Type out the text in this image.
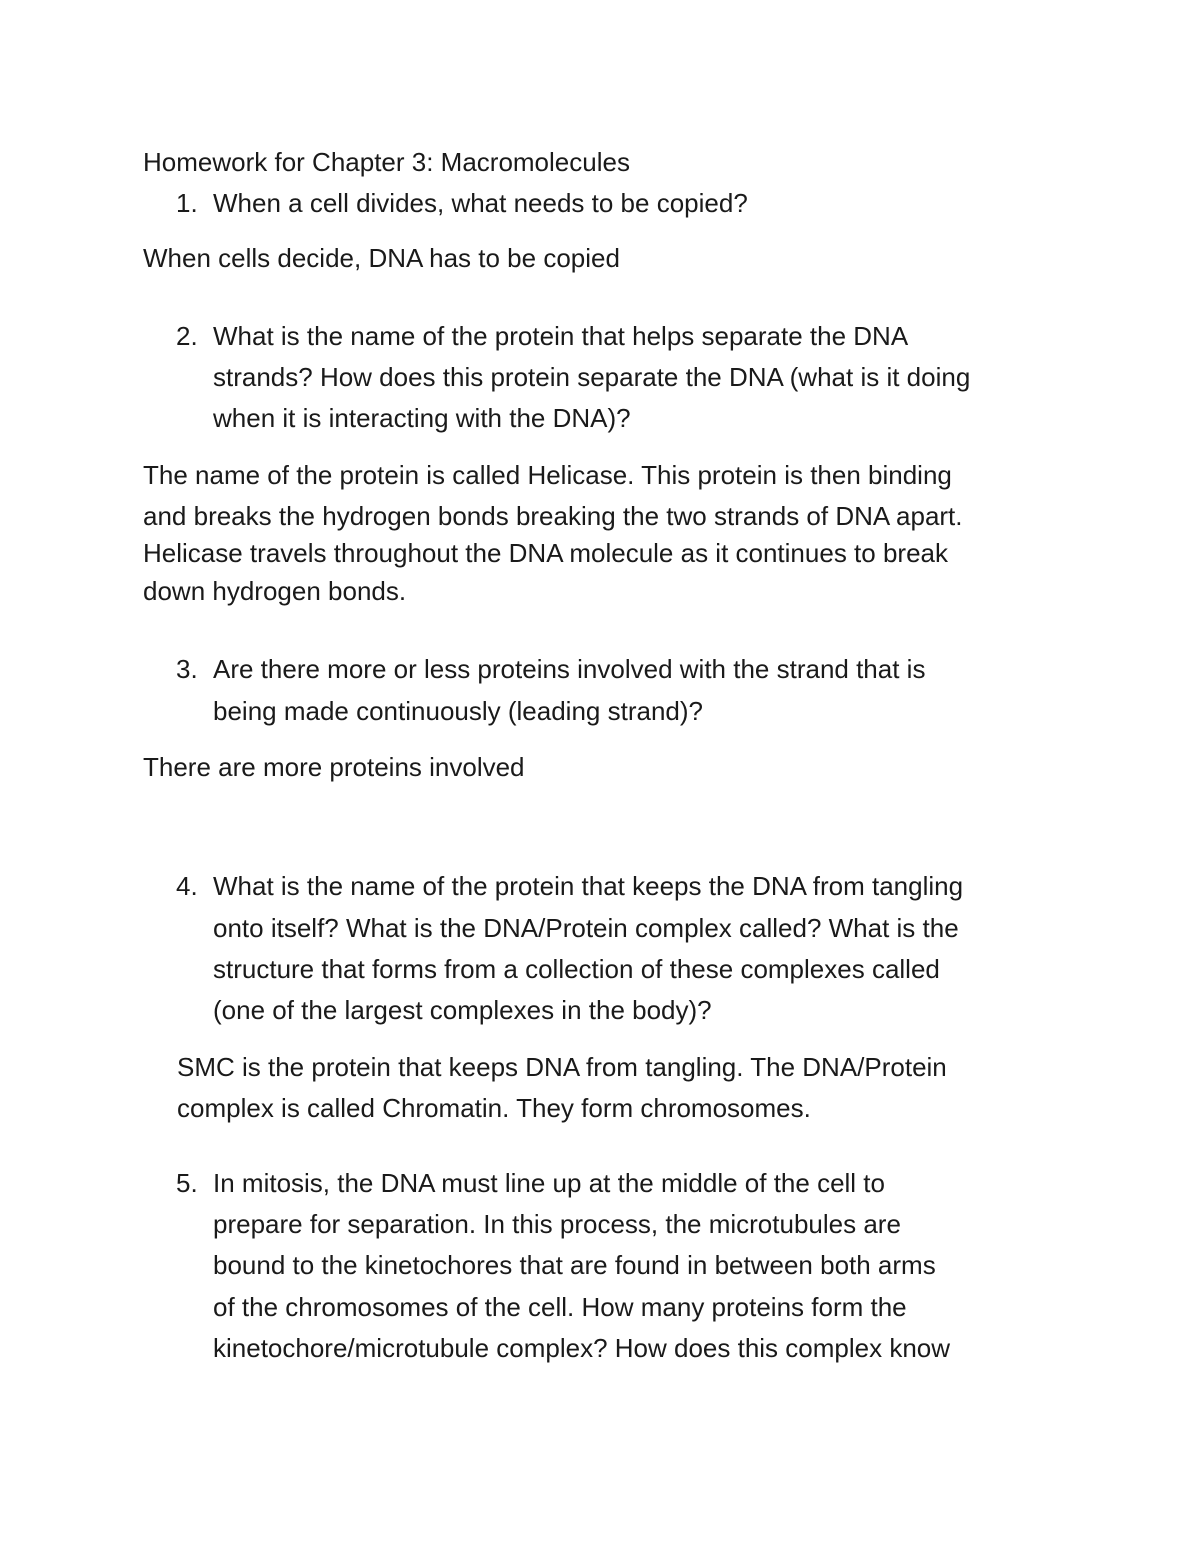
Homework for Chapter 3: Macromolecules

1. When a cell divides, what needs to be copied?

When cells decide, DNA has to be copied

2. What is the name of the protein that helps separate the DNA

strands? How does this protein separate the DNA (what is it doing

when it is interacting with the DNA)?

The name of the protein is called Helicase. This protein is then binding

and breaks the hydrogen bonds breaking the two strands of DNA apart.

Helicase travels throughout the DNA molecule as it continues to break

down hydrogen bonds.

3. Are there more or less proteins involved with the strand that is

being made continuously (leading strand)?

There are more proteins involved

4. What is the name of the protein that keeps the DNA from tangling

onto itself? What is the DNA/Protein complex called? What is the

structure that forms from a collection of these complexes called

(one of the largest complexes in the body)?

SMC is the protein that keeps DNA from tangling. The DNA/Protein

complex is called Chromatin. They form chromosomes.

5. In mitosis, the DNA must line up at the middle of the cell to

prepare for separation. In this process, the microtubules are

bound to the kinetochores that are found in between both arms

of the chromosomes of the cell. How many proteins form the

kinetochore/microtubule complex? How does this complex know
